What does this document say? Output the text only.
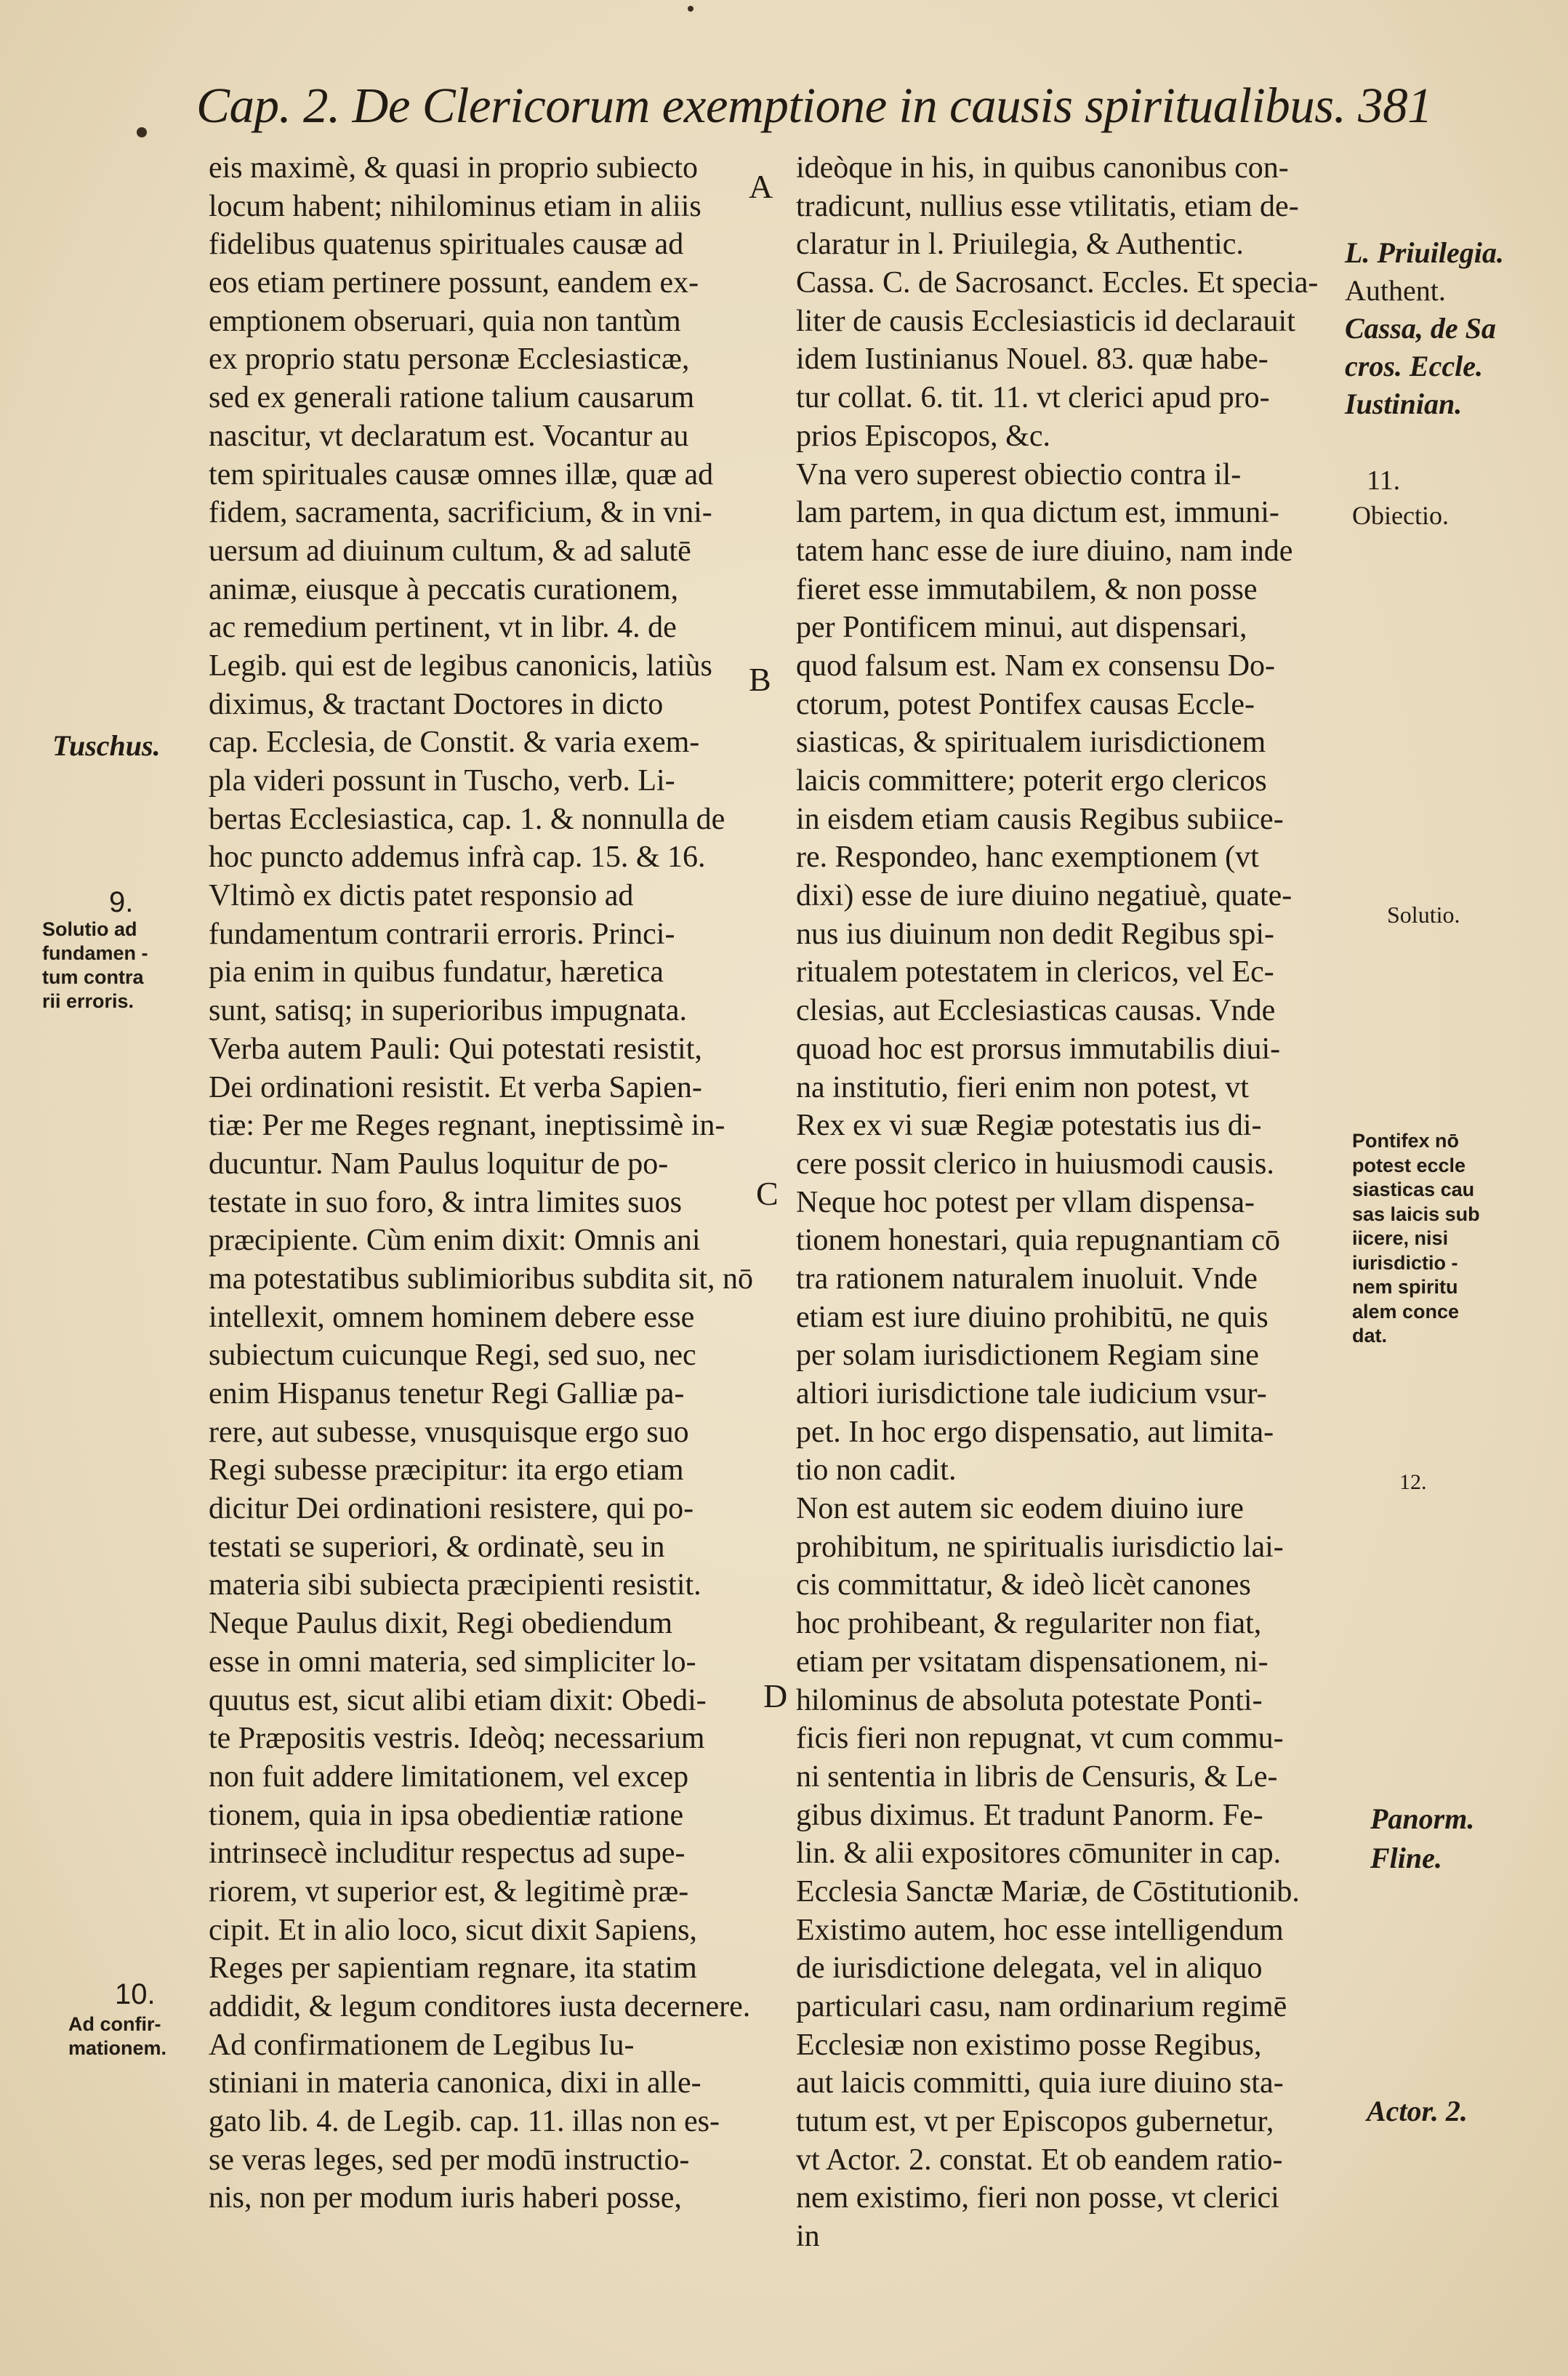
Cap. 2. De Clericorum exemptione in causis spiritualibus. 381
eis maximè, & quasi in proprio subiecto
locum habent; nihilominus etiam in aliis
fidelibus quatenus spirituales causæ ad
eos etiam pertinere possunt, eandem ex-
emptionem obseruari, quia non tantùm
ex proprio statu personæ Ecclesiasticæ,
sed ex generali ratione talium causarum
nascitur, vt declaratum est. Vocantur au
tem spirituales causæ omnes illæ, quæ ad
fidem, sacramenta, sacrificium, & in vni-
uersum ad diuinum cultum, & ad salutē
animæ, eiusque à peccatis curationem,
ac remedium pertinent, vt in libr. 4. de
Legib. qui est de legibus canonicis, latiùs
diximus, & tractant Doctores in dicto
cap. Ecclesia, de Constit. & varia exem-
pla videri possunt in Tuscho, verb. Li-
bertas Ecclesiastica, cap. 1. & nonnulla de
hoc puncto addemus infrà cap. 15. & 16.
Vltimò ex dictis patet responsio ad
fundamentum contrarii erroris. Princi-
pia enim in quibus fundatur, hæretica
sunt, satisq; in superioribus impugnata.
Verba autem Pauli: Qui potestati resistit,
Dei ordinationi resistit. Et verba Sapien-
tiæ: Per me Reges regnant, ineptissimè in-
ducuntur. Nam Paulus loquitur de po-
testate in suo foro, & intra limites suos
præcipiente. Cùm enim dixit: Omnis ani
ma potestatibus sublimioribus subdita sit, nō
intellexit, omnem hominem debere esse
subiectum cuicunque Regi, sed suo, nec
enim Hispanus tenetur Regi Galliæ pa-
rere, aut subesse, vnusquisque ergo suo
Regi subesse præcipitur: ita ergo etiam
dicitur Dei ordinationi resistere, qui po-
testati se superiori, & ordinatè, seu in
materia sibi subiecta præcipienti resistit.
Neque Paulus dixit, Regi obediendum
esse in omni materia, sed simpliciter lo-
quutus est, sicut alibi etiam dixit: Obedi-
te Præpositis vestris. Ideòq; necessarium
non fuit addere limitationem, vel excep
tionem, quia in ipsa obedientiæ ratione
intrinsecè includitur respectus ad supe-
riorem, vt superior est, & legitimè præ-
cipit. Et in alio loco, sicut dixit Sapiens,
Reges per sapientiam regnare, ita statim
addidit, & legum conditores iusta decernere.
Ad confirmationem de Legibus Iu-
stiniani in materia canonica, dixi in alle-
gato lib. 4. de Legib. cap. 11. illas non es-
se veras leges, sed per modū instructio-
nis, non per modum iuris haberi posse,
ideòque in his, in quibus canonibus con-
tradicunt, nullius esse vtilitatis, etiam de-
claratur in l. Priuilegia, & Authentic.
Cassa. C. de Sacrosanct. Eccles. Et specia-
liter de causis Ecclesiasticis id declarauit
idem Iustinianus Nouel. 83. quæ habe-
tur collat. 6. tit. 11. vt clerici apud pro-
prios Episcopos, &c.
Vna vero superest obiectio contra il-
lam partem, in qua dictum est, immuni-
tatem hanc esse de iure diuino, nam inde
fieret esse immutabilem, & non posse
per Pontificem minui, aut dispensari,
quod falsum est. Nam ex consensu Do-
ctorum, potest Pontifex causas Eccle-
siasticas, & spiritualem iurisdictionem
laicis committere; poterit ergo clericos
in eisdem etiam causis Regibus subiice-
re. Respondeo, hanc exemptionem (vt
dixi) esse de iure diuino negatiuè, quate-
nus ius diuinum non dedit Regibus spi-
ritualem potestatem in clericos, vel Ec-
clesias, aut Ecclesiasticas causas. Vnde
quoad hoc est prorsus immutabilis diui-
na institutio, fieri enim non potest, vt
Rex ex vi suæ Regiæ potestatis ius di-
cere possit clerico in huiusmodi causis.
Neque hoc potest per vllam dispensa-
tionem honestari, quia repugnantiam cō
tra rationem naturalem inuoluit. Vnde
etiam est iure diuino prohibitū, ne quis
per solam iurisdictionem Regiam sine
altiori iurisdictione tale iudicium vsur-
pet. In hoc ergo dispensatio, aut limita-
tio non cadit.
Non est autem sic eodem diuino iure
prohibitum, ne spiritualis iurisdictio lai-
cis committatur, & ideò licèt canones
hoc prohibeant, & regulariter non fiat,
etiam per vsitatam dispensationem, ni-
hilominus de absoluta potestate Ponti-
ficis fieri non repugnat, vt cum commu-
ni sententia in libris de Censuris, & Le-
gibus diximus. Et tradunt Panorm. Fe-
lin. & alii expositores cōmuniter in cap.
Ecclesia Sanctæ Mariæ, de Cōstitutionib.
Existimo autem, hoc esse intelligendum
de iurisdictione delegata, vel in aliquo
particulari casu, nam ordinarium regimē
Ecclesiæ non existimo posse Regibus,
aut laicis committi, quia iure diuino sta-
tutum est, vt per Episcopos gubernetur,
vt Actor. 2. constat. Et ob eandem ratio-
nem existimo, fieri non posse, vt clerici
in
A
B
C
D
Tuschus.
9.
Solutio ad
fundamen -
tum contra
rii erroris.
10.
Ad confir-
mationem.
L. Priuilegia.
Authent.
Cassa, de Sa
cros. Eccle.
Iustinian.
11.
Obiectio.
Solutio.
Pontifex nō
potest eccle
siasticas cau
sas laicis sub
iicere, nisi
iurisdictio -
nem spiritu
alem conce
dat.
12.
Panorm.
Fline.
Actor. 2.
